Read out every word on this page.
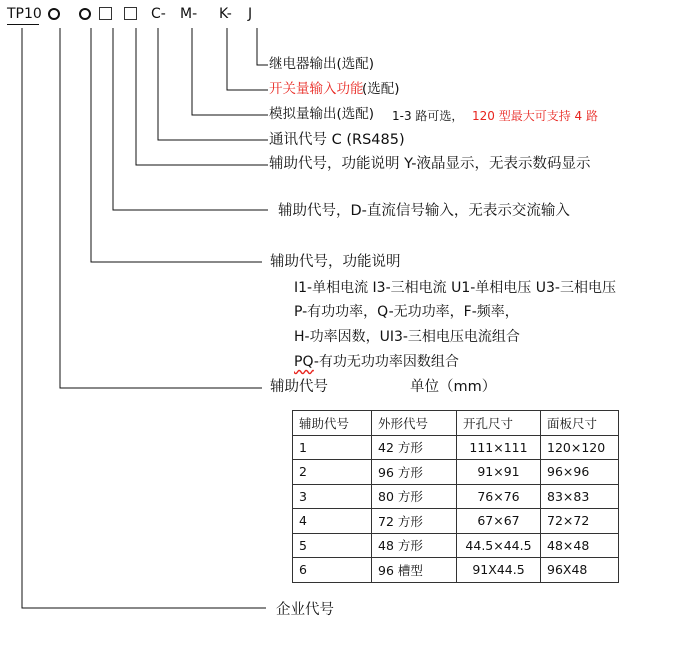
TP10	C- M- K- J
继电器输出(选配)
开关量输入功能
(选配)
模拟量输出(选配) 1-3 路可选， 120 型最大可支持 4 路
通讯代号 C (RS485)
辅助代号，功能说明 Y-液晶显示，无表示数码显示
辅助代号，D-直流信号输入，无表示交流输入
辅助代号，功能说明
I1-单相电流 I3-三相电流 U1-单相电压 U3-三相电压
P-有功功率，Q-无功功率，F-频率，
H-功率因数，UI3-三相电压电流组合
PQ-有功无功功率因数组合
辅助代号	单位（mm）
辅助代号	外形代号	开孔尺寸	面板尺寸
1	42 方形	111×111	120×120
2	96 方形	91×91	96×96
3	80 方形	76×76	83×83
4	72 方形	67×67	72×72
5	48 方形	44.5×44.5	48×48
6	96 槽型	91X44.5	96X48
企业代号
